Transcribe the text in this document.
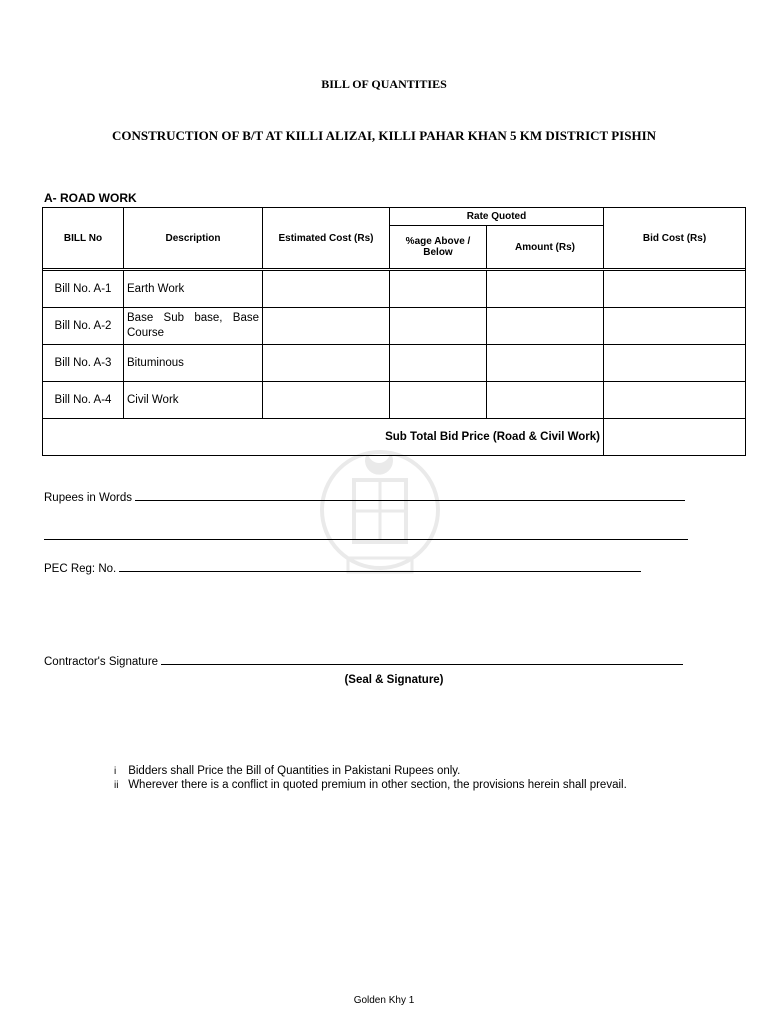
BILL OF QUANTITIES
CONSTRUCTION OF B/T AT KILLI ALIZAI, KILLI PAHAR KHAN 5 KM DISTRICT PISHIN
A- ROAD WORK
BILL No	Description	Estimated Cost (Rs)	Rate Quoted		Bid Cost (Rs)
			%age Above / Below	Amount (Rs)	

Bill No. A-1	Earth Work				
Bill No. A-2	Base Sub base, Base Course				
Bill No. A-3	Bituminous				
Bill No. A-4	Civil Work				
Sub Total Bid Price (Road & Civil Work)					
Rupees in Words
PEC Reg: No.
Contractor's Signature
(Seal & Signature)
i Bidders shall Price the Bill of Quantities in Pakistani Rupees only.
ii Wherever there is a conflict in quoted premium in other section, the provisions herein shall prevail.
Golden Khy 1
